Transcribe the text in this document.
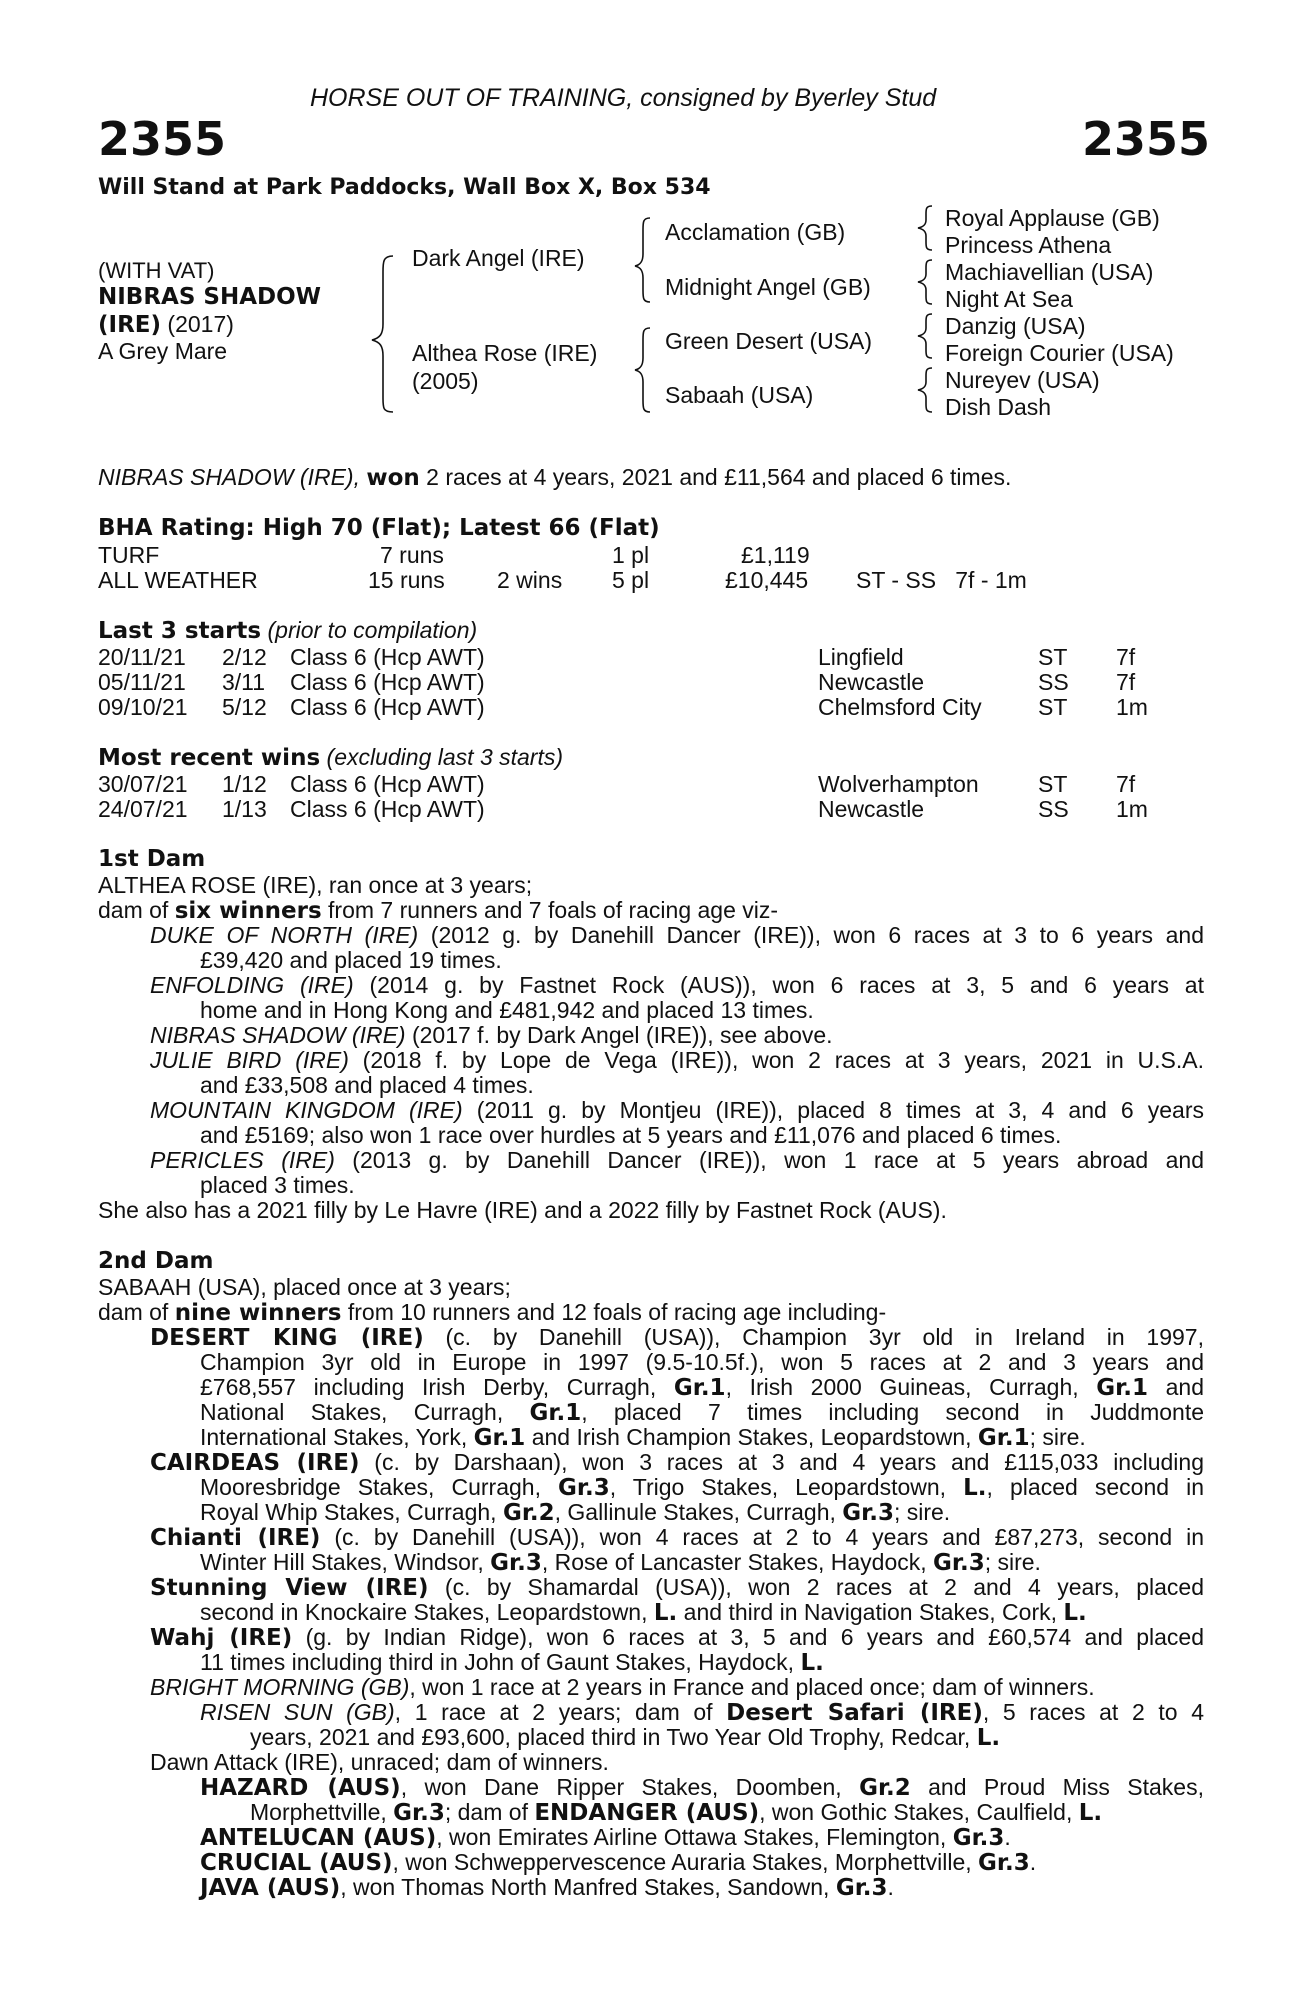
HORSE OUT OF TRAINING, consigned by Byerley Stud
2355	2355
Will Stand at Park Paddocks, Wall Box X, Box 534
(WITH VAT)
NIBRAS SHADOW
(IRE) (2017)
A Grey Mare
Dark Angel (IRE)
Althea Rose (IRE)
(2005)
Acclamation (GB)
Midnight Angel (GB)
Green Desert (USA)
Sabaah (USA)
Royal Applause (GB)
Princess Athena
Machiavellian (USA)
Night At Sea
Danzig (USA)
Foreign Courier (USA)
Nureyev (USA)
Dish Dash
NIBRAS SHADOW (IRE), won 2 races at 4 years, 2021 and £11,564 and placed 6 times.
BHA Rating: High 70 (Flat); Latest 66 (Flat)
TURF	7 runs	1 pl	£1,119
ALL WEATHER	15 runs 2 wins 5 pl	£10,445 ST - SS   7f - 1m
Last 3 starts (prior to compilation)
20/11/21 2/12 Class 6 (Hcp AWT)	Lingfield	ST 7f
05/11/21 3/11 Class 6 (Hcp AWT)	Newcastle	SS 7f
09/10/21 5/12 Class 6 (Hcp AWT)	Chelmsford City ST 1m
Most recent wins (excluding last 3 starts)
30/07/21 1/12 Class 6 (Hcp AWT)	Wolverhampton	ST 7f
24/07/21 1/13 Class 6 (Hcp AWT)	Newcastle	SS 1m
1st Dam
ALTHEA ROSE (IRE), ran once at 3 years;
dam of six winners from 7 runners and 7 foals of racing age viz-
DUKE OF NORTH (IRE) (2012 g. by Danehill Dancer (IRE)), won 6 races at 3 to 6 years and
£39,420 and placed 19 times.
ENFOLDING (IRE) (2014 g. by Fastnet Rock (AUS)), won 6 races at 3, 5 and 6 years at
home and in Hong Kong and £481,942 and placed 13 times.
NIBRAS SHADOW (IRE) (2017 f. by Dark Angel (IRE)), see above.
JULIE BIRD (IRE) (2018 f. by Lope de Vega (IRE)), won 2 races at 3 years, 2021 in U.S.A.
and £33,508 and placed 4 times.
MOUNTAIN KINGDOM (IRE) (2011 g. by Montjeu (IRE)), placed 8 times at 3, 4 and 6 years
and £5169; also won 1 race over hurdles at 5 years and £11,076 and placed 6 times.
PERICLES (IRE) (2013 g. by Danehill Dancer (IRE)), won 1 race at 5 years abroad and
placed 3 times.
She also has a 2021 filly by Le Havre (IRE) and a 2022 filly by Fastnet Rock (AUS).
2nd Dam
SABAAH (USA), placed once at 3 years;
dam of nine winners from 10 runners and 12 foals of racing age including-
DESERT KING (IRE) (c. by Danehill (USA)), Champion 3yr old in Ireland in 1997,
Champion 3yr old in Europe in 1997 (9.5-10.5f.), won 5 races at 2 and 3 years and
£768,557 including Irish Derby, Curragh, Gr.1, Irish 2000 Guineas, Curragh, Gr.1 and
National Stakes, Curragh, Gr.1, placed 7 times including second in Juddmonte
International Stakes, York, Gr.1 and Irish Champion Stakes, Leopardstown, Gr.1; sire.
CAIRDEAS (IRE) (c. by Darshaan), won 3 races at 3 and 4 years and £115,033 including
Mooresbridge Stakes, Curragh, Gr.3, Trigo Stakes, Leopardstown, L., placed second in
Royal Whip Stakes, Curragh, Gr.2, Gallinule Stakes, Curragh, Gr.3; sire.
Chianti (IRE) (c. by Danehill (USA)), won 4 races at 2 to 4 years and £87,273, second in
Winter Hill Stakes, Windsor, Gr.3, Rose of Lancaster Stakes, Haydock, Gr.3; sire.
Stunning View (IRE) (c. by Shamardal (USA)), won 2 races at 2 and 4 years, placed
second in Knockaire Stakes, Leopardstown, L. and third in Navigation Stakes, Cork, L.
Wahj (IRE) (g. by Indian Ridge), won 6 races at 3, 5 and 6 years and £60,574 and placed
11 times including third in John of Gaunt Stakes, Haydock, L.
BRIGHT MORNING (GB), won 1 race at 2 years in France and placed once; dam of winners.
RISEN SUN (GB), 1 race at 2 years; dam of Desert Safari (IRE), 5 races at 2 to 4
years, 2021 and £93,600, placed third in Two Year Old Trophy, Redcar, L.
Dawn Attack (IRE), unraced; dam of winners.
HAZARD (AUS), won Dane Ripper Stakes, Doomben, Gr.2 and Proud Miss Stakes,
Morphettville, Gr.3; dam of ENDANGER (AUS), won Gothic Stakes, Caulfield, L.
ANTELUCAN (AUS), won Emirates Airline Ottawa Stakes, Flemington, Gr.3.
CRUCIAL (AUS), won Schweppervescence Auraria Stakes, Morphettville, Gr.3.
JAVA (AUS), won Thomas North Manfred Stakes, Sandown, Gr.3.
